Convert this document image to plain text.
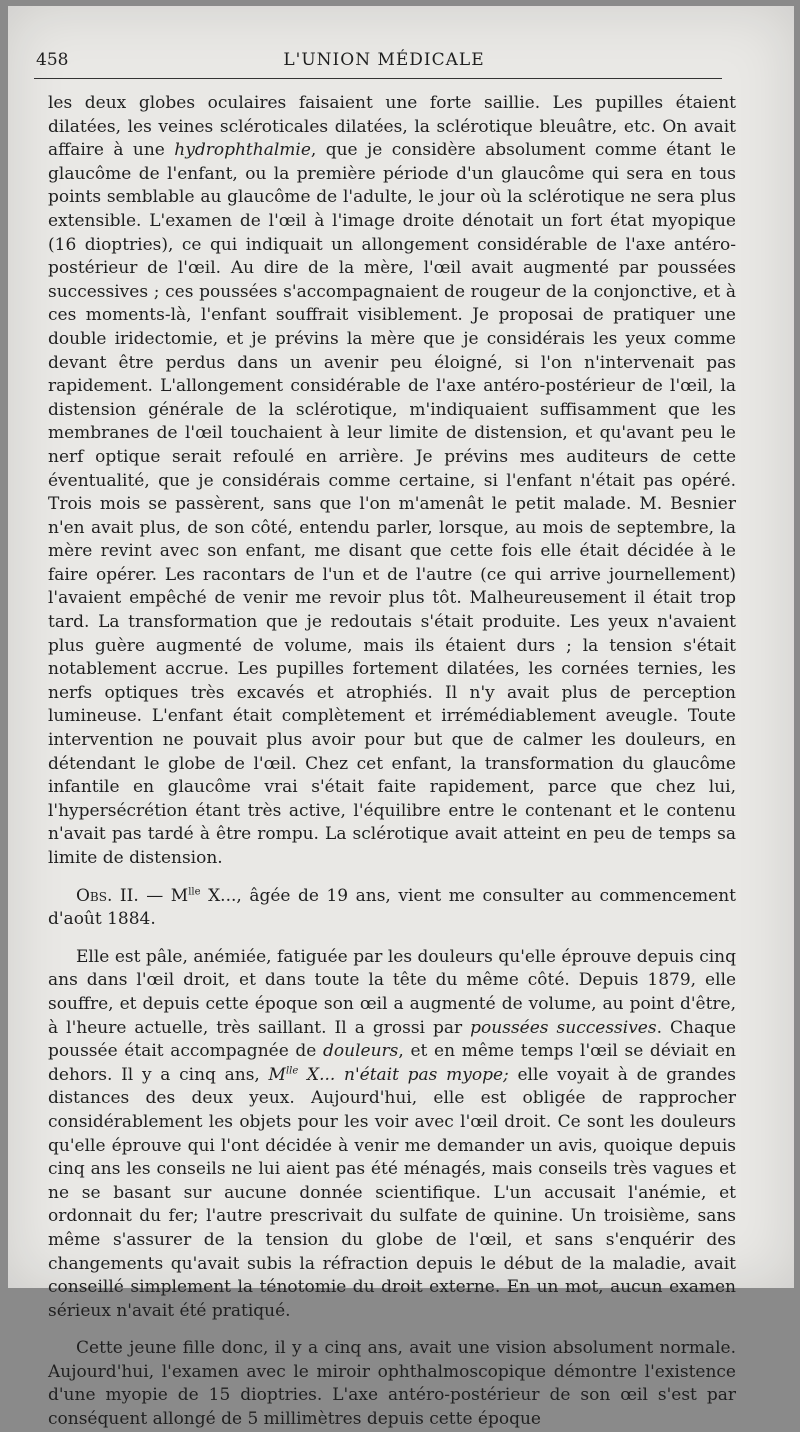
458	L'UNION MÉDICALE

les deux globes oculaires faisaient une forte saillie. Les pupilles étaient dilatées, les veines scléroticales dilatées, la sclérotique bleuâtre, etc. On avait affaire à une hydrophthalmie, que je considère absolument comme étant le glaucôme de l'enfant, ou la première période d'un glaucôme qui sera en tous points semblable au glaucôme de l'adulte, le jour où la sclérotique ne sera plus extensible. L'examen de l'œil à l'image droite dénotait un fort état myopique (16 dioptries), ce qui indiquait un allongement considérable de l'axe antéro-postérieur de l'œil. Au dire de la mère, l'œil avait augmenté par poussées successives ; ces poussées s'accompagnaient de rougeur de la conjonctive, et à ces moments-là, l'enfant souffrait visiblement. Je proposai de pratiquer une double iridectomie, et je prévins la mère que je considérais les yeux comme devant être perdus dans un avenir peu éloigné, si l'on n'intervenait pas rapidement. L'allongement considérable de l'axe antéro-postérieur de l'œil, la distension générale de la sclérotique, m'indiquaient suffisamment que les membranes de l'œil touchaient à leur limite de distension, et qu'avant peu le nerf optique serait refoulé en arrière. Je prévins mes auditeurs de cette éventualité, que je considérais comme certaine, si l'enfant n'était pas opéré. Trois mois se passèrent, sans que l'on m'amenât le petit malade. M. Besnier n'en avait plus, de son côté, entendu parler, lorsque, au mois de septembre, la mère revint avec son enfant, me disant que cette fois elle était décidée à le faire opérer. Les racontars de l'un et de l'autre (ce qui arrive journellement) l'avaient empêché de venir me revoir plus tôt. Malheureusement il était trop tard. La transformation que je redoutais s'était produite. Les yeux n'avaient plus guère augmenté de volume, mais ils étaient durs ; la tension s'était notablement accrue. Les pupilles fortement dilatées, les cornées ternies, les nerfs optiques très excavés et atrophiés. Il n'y avait plus de perception lumineuse. L'enfant était complètement et irrémédiablement aveugle. Toute intervention ne pouvait plus avoir pour but que de calmer les douleurs, en détendant le globe de l'œil. Chez cet enfant, la transformation du glaucôme infantile en glaucôme vrai s'était faite rapidement, parce que chez lui, l'hypersécrétion étant très active, l'équilibre entre le contenant et le contenu n'avait pas tardé à être rompu. La sclérotique avait atteint en peu de temps sa limite de distension.

Obs. II. — $M^{lle}$ X..., âgée de 19 ans, vient me consulter au commencement d'août 1884.

Elle est pâle, anémiée, fatiguée par les douleurs qu'elle éprouve depuis cinq ans dans l'œil droit, et dans toute la tête du même côté. Depuis 1879, elle souffre, et depuis cette époque son œil a augmenté de volume, au point d'être, à l'heure actuelle, très saillant. Il a grossi par poussées successives. Chaque poussée était accompagnée de douleurs, et en même temps l'œil se déviait en dehors. Il y a cinq ans, $M^{lle}$ X... n'était pas myope; elle voyait à de grandes distances des deux yeux. Aujourd'hui, elle est obligée de rapprocher considérablement les objets pour les voir avec l'œil droit. Ce sont les douleurs qu'elle éprouve qui l'ont décidée à venir me demander un avis, quoique depuis cinq ans les conseils ne lui aient pas été ménagés, mais conseils très vagues et ne se basant sur aucune donnée scientifique. L'un accusait l'anémie, et ordonnait du fer; l'autre prescrivait du sulfate de quinine. Un troisième, sans même s'assurer de la tension du globe de l'œil, et sans s'enquérir des changements qu'avait subis la réfraction depuis le début de la maladie, avait conseillé simplement la ténotomie du droit externe. En un mot, aucun examen sérieux n'avait été pratiqué.

Cette jeune fille donc, il y a cinq ans, avait une vision absolument normale. Aujourd'hui, l'examen avec le miroir ophthalmoscopique démontre l'existence d'une myopie de 15 dioptries. L'axe antéro-postérieur de son œil s'est par conséquent allongé de 5 millimètres depuis cette époque
